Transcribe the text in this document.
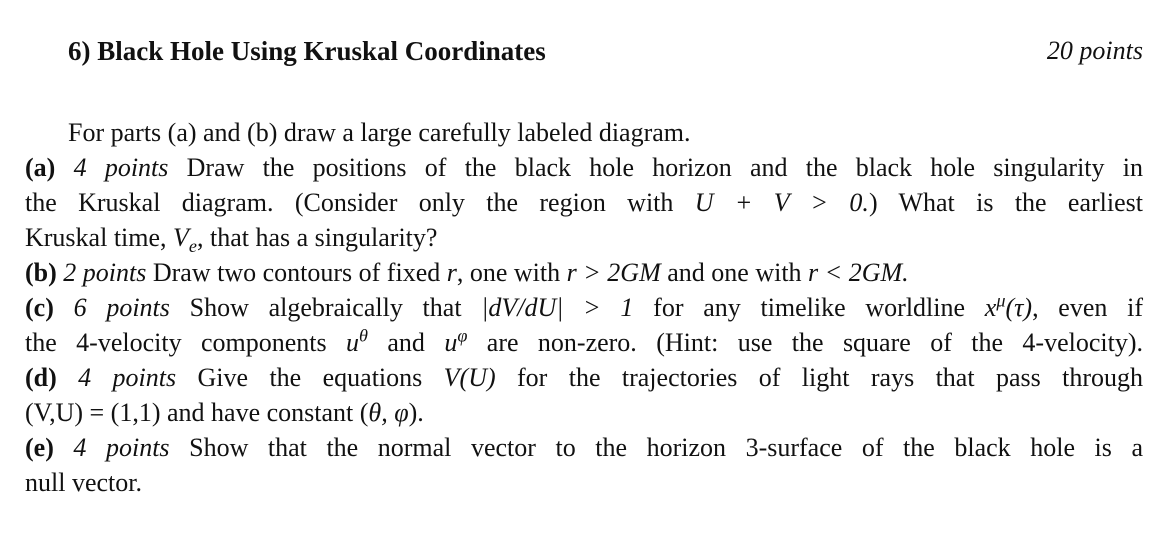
6) Black Hole Using Kruskal Coordinates	20 points
For parts (a) and (b) draw a large carefully labeled diagram.
(a) 4 points Draw the positions of the black hole horizon and the black hole singularity in
the Kruskal diagram. (Consider only the region with U + V > 0.) What is the earliest
Kruskal time, $V_e$, that has a singularity?
(b) 2 points Draw two contours of fixed r, one with r > 2GM and one with r < 2GM.
(c) 6 points Show algebraically that |dV/dU| > 1 for any timelike worldline $x^\mu(\tau)$, even if
the 4-velocity components $u^\theta$ and $u^\varphi$ are non-zero. (Hint: use the square of the 4-velocity).
(d) 4 points Give the equations V(U) for the trajectories of light rays that pass through
(V,U) = (1,1) and have constant (θ, φ).
(e) 4 points Show that the normal vector to the horizon 3-surface of the black hole is a
null vector.
